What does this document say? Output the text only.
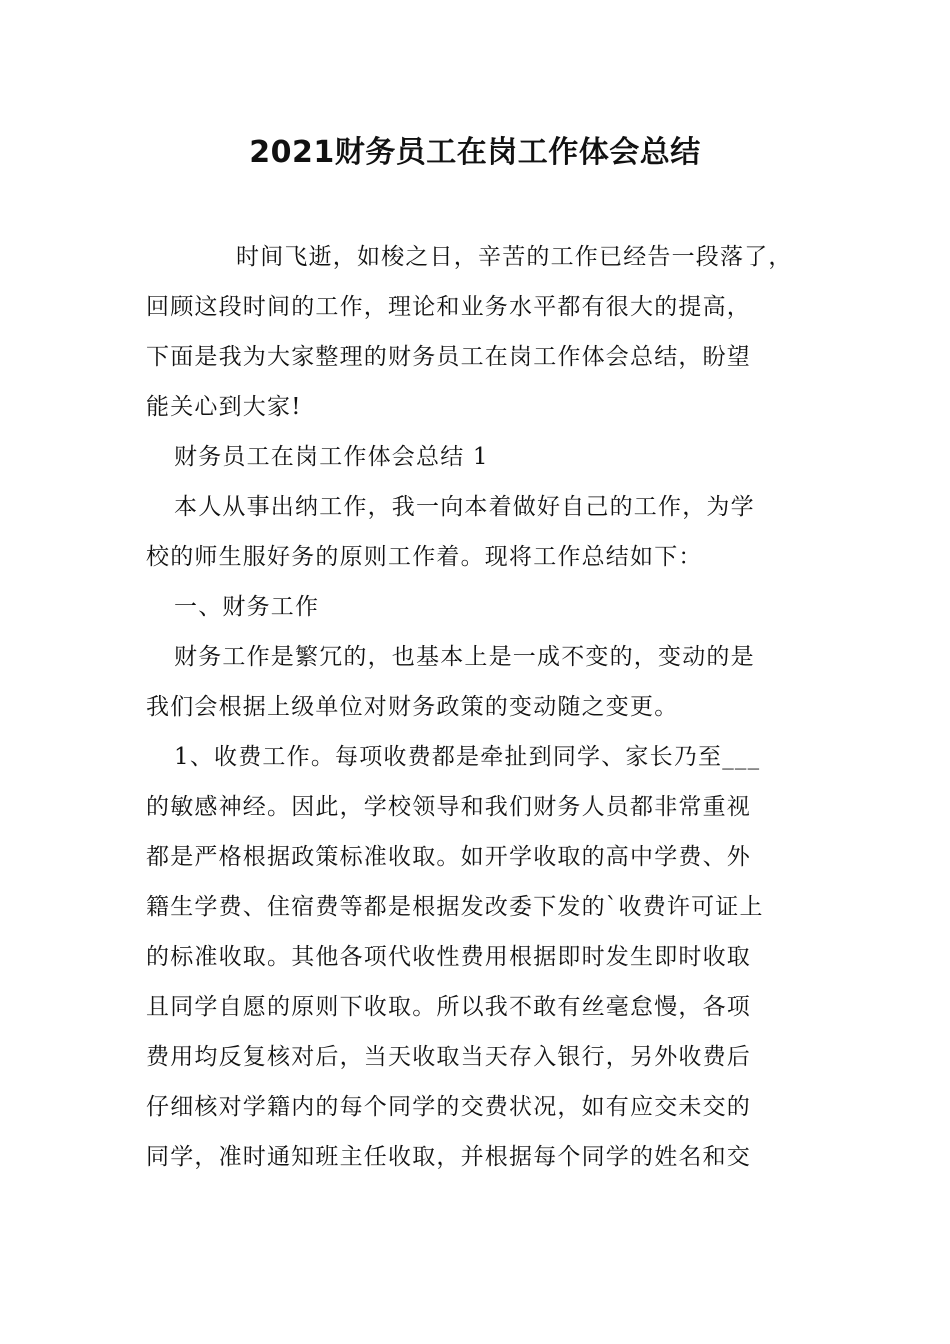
2021财务员工在岗工作体会总结
时间飞逝，如梭之日，辛苦的工作已经告一段落了，
回顾这段时间的工作，理论和业务水平都有很大的提高，
下面是我为大家整理的财务员工在岗工作体会总结，盼望
能关心到大家!
财务员工在岗工作体会总结 1
本人从事出纳工作，我一向本着做好自己的工作，为学
校的师生服好务的原则工作着。现将工作总结如下：
一、财务工作
财务工作是繁冗的，也基本上是一成不变的，变动的是
我们会根据上级单位对财务政策的变动随之变更。
1、收费工作。每项收费都是牵扯到同学、家长乃至___
的敏感神经。因此，学校领导和我们财务人员都非常重视
都是严格根据政策标准收取。如开学收取的高中学费、外
籍生学费、住宿费等都是根据发改委下发的`收费许可证上
的标准收取。其他各项代收性费用根据即时发生即时收取
且同学自愿的原则下收取。所以我不敢有丝毫怠慢，各项
费用均反复核对后，当天收取当天存入银行，另外收费后
仔细核对学籍内的每个同学的交费状况，如有应交未交的
同学，准时通知班主任收取，并根据每个同学的姓名和交
